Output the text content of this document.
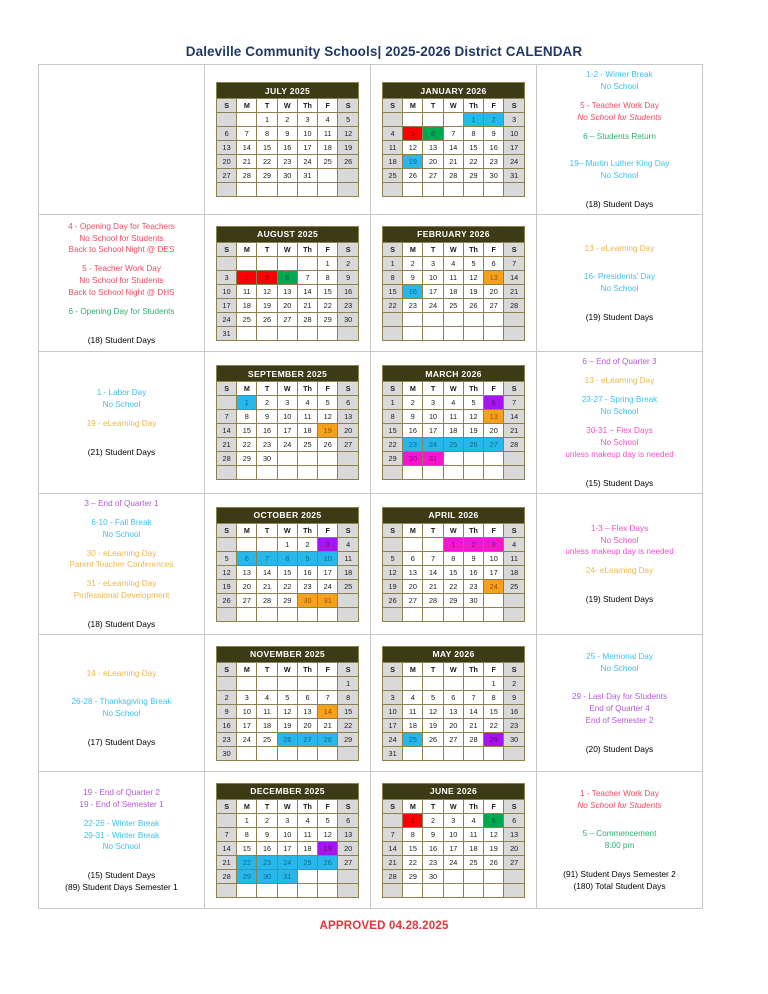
Daleville Community Schools| 2025-2026 District CALENDAR

JULY 2025
S	M	T	W	Th	F	S
		1	2	3	4	5
6	7	8	9	10	11	12
13	14	15	16	17	18	19
20	21	22	23	24	25	26
27	28	29	30	31		

JANUARY 2026
S	M	T	W	Th	F	S
				1	2	3
4	5	6	7	8	9	10
11	12	13	14	15	16	17
18	19	20	21	22	23	24
25	26	27	28	29	30	31

1-2 - Winter Break
No School
5 - Teacher Work Day
No School for Students
6 – Students Return
19– Martin Luther King Day
No School
(18) Student Days

4 - Opening Day for Teachers
No School for Students
Back to School Night @ DES
5 - Teacher Work Day
No School for Students
Back to School Night @ DHS
6 - Opening Day for Students
(18) Student Days

AUGUST 2025
S	M	T	W	Th	F	S
					1	2
3	4	5	6	7	8	9
10	11	12	13	14	15	16
17	18	19	20	21	22	23
24	25	26	27	28	29	30
31						

FEBRUARY 2026
S	M	T	W	Th	F	S
1	2	3	4	5	6	7
8	9	10	11	12	13	14
15	16	17	18	19	20	21
22	23	24	25	26	27	28

13 - eLearning Day
16- Presidents' Day
No School
(19) Student Days

1 - Labor Day
No School
19 - eLearning Day
(21) Student Days

SEPTEMBER 2025
S	M	T	W	Th	F	S
	1	2	3	4	5	6
7	8	9	10	11	12	13
14	15	16	17	18	19	20
21	22	23	24	25	26	27
28	29	30				

MARCH 2026
S	M	T	W	Th	F	S
1	2	3	4	5	6	7
8	9	10	11	12	13	14
15	16	17	18	19	20	21
22	23	24	25	26	27	28
29	30	31				

6 – End of Quarter 3
13 - eLearning Day
23-27 - Spring Break
No School
30-31 – Flex Days
No School
unless makeup day is needed
(15) Student Days

3 – End of Quarter 1
6-10 - Fall Break
No School
30 - eLearning Day
Parent Teacher Conferences
31 - eLearning Day
Professional Development
(18) Student Days

OCTOBER 2025
S	M	T	W	Th	F	S
			1	2	3	4
5	6	7	8	9	10	11
12	13	14	15	16	17	18
19	20	21	22	23	24	25
26	27	28	29	30	31	

APRIL 2026
S	M	T	W	Th	F	S
			1	2	3	4
5	6	7	8	9	10	11
12	13	14	15	16	17	18
19	20	21	22	23	24	25
26	27	28	29	30		

1-3 – Flex Days
No School
unless makeup day is needed
24- eLearning Day
(19) Student Days

14 - eLearning Day
26-28 - Thanksgiving Break
No School
(17) Student Days

NOVEMBER 2025
S	M	T	W	Th	F	S
						1
2	3	4	5	6	7	8
9	10	11	12	13	14	15
16	17	18	19	20	21	22
23	24	25	26	27	28	29
30						

MAY 2026
S	M	T	W	Th	F	S
					1	2
3	4	5	6	7	8	9
10	11	12	13	14	15	16
17	18	19	20	21	22	23
24	25	26	27	28	29	30
31						

25 - Memorial Day
No School
29 - Last Day for Students
End of Quarter 4
End of Semester 2
(20) Student Days

19 - End of Quarter 2
19 - End of Semester 1
22-26 - Winter Break
29-31 - Winter Break
No School
(15) Student Days
(89) Student Days Semester 1

DECEMBER 2025
S	M	T	W	Th	F	S
	1	2	3	4	5	6
7	8	9	10	11	12	13
14	15	16	17	18	19	20
21	22	23	24	25	26	27
28	29	30	31			

JUNE 2026
S	M	T	W	Th	F	S
	1	2	3	4	5	6
7	8	9	10	11	12	13
14	15	16	17	18	19	20
21	22	23	24	25	26	27
28	29	30				

1 - Teacher Work Day
No School for Students
5 – Commencement
8:00 pm
(91) Student Days Semester 2
(180) Total Student Days
APPROVED 04.28.2025
